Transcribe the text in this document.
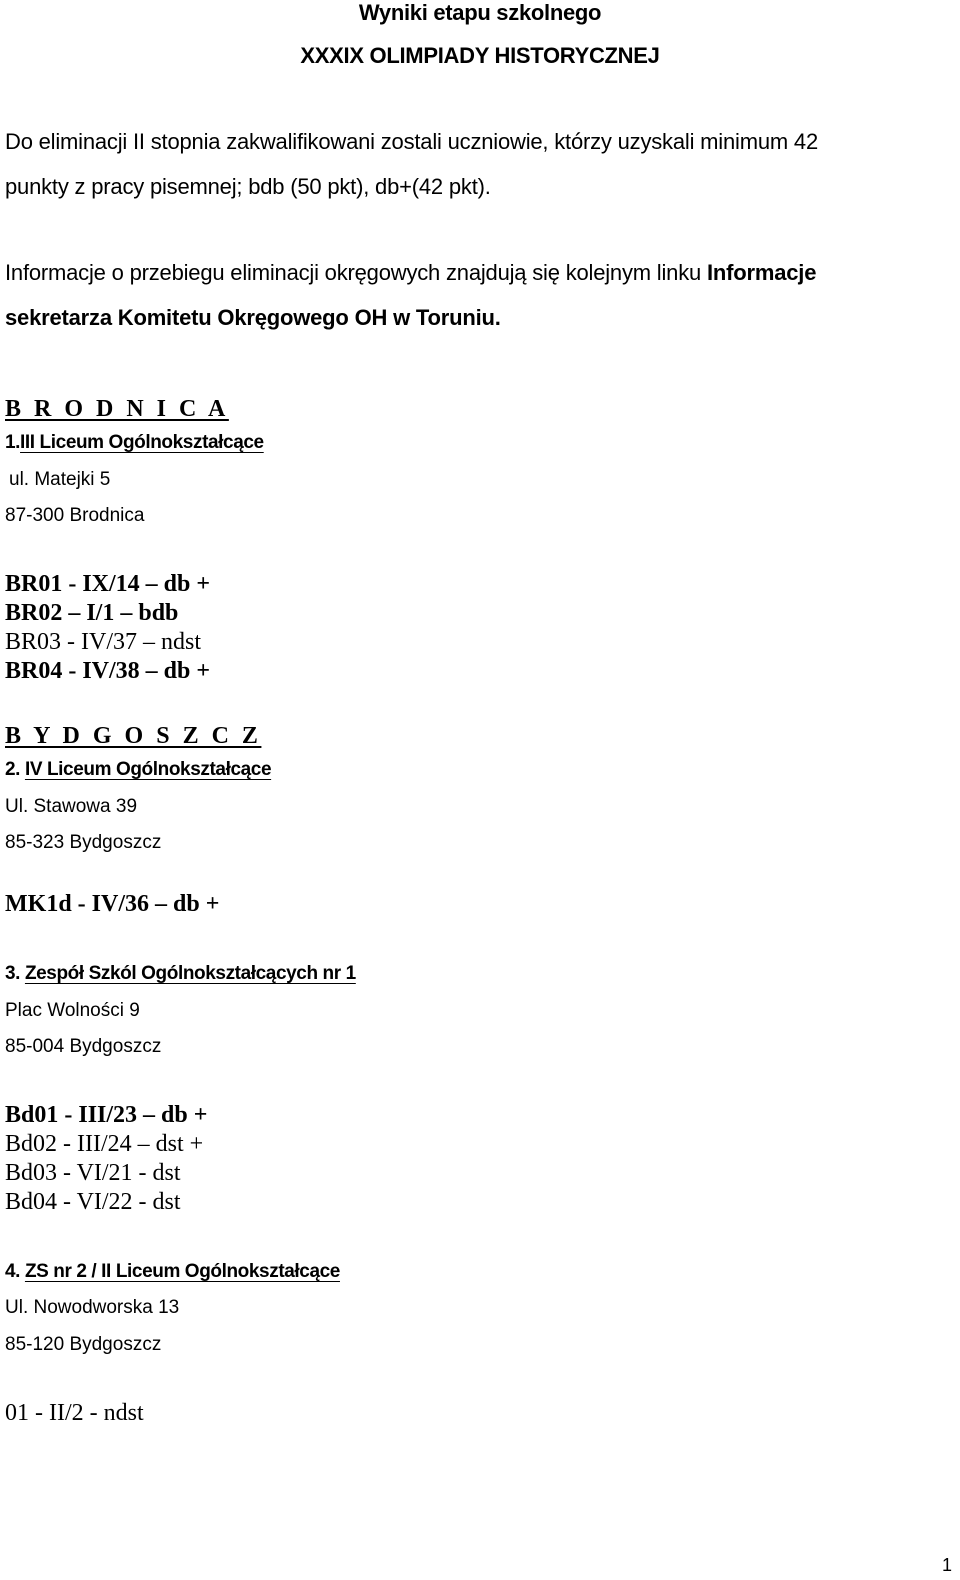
Wyniki etapu szkolnego
XXXIX OLIMPIADY HISTORYCZNEJ
Do eliminacji II stopnia zakwalifikowani zostali uczniowie, którzy uzyskali minimum 42
punkty z pracy pisemnej; bdb (50 pkt), db+(42 pkt).
Informacje o przebiegu eliminacji okręgowych znajdują się kolejnym linku Informacje
sekretarza Komitetu Okręgowego OH w Toruniu.
B R O D N I C A
1.III Liceum Ogólnokształcące
ul. Matejki 5
87-300 Brodnica
BR01 - IX/14 – db +
BR02 – I/1 – bdb
BR03 - IV/37 – ndst
BR04 - IV/38 – db +
B Y D G O S Z C Z
2. IV Liceum Ogólnokształcące
Ul. Stawowa 39
85-323 Bydgoszcz
MK1d - IV/36 – db +
3. Zespół Szkól Ogólnokształcących nr 1
Plac Wolności 9
85-004 Bydgoszcz
Bd01 - III/23 – db +
Bd02 - III/24 – dst +
Bd03 - VI/21 - dst
Bd04 - VI/22 - dst
4. ZS nr 2 / II Liceum Ogólnokształcące
Ul. Nowodworska 13
85-120 Bydgoszcz
01 - II/2 - ndst
1
